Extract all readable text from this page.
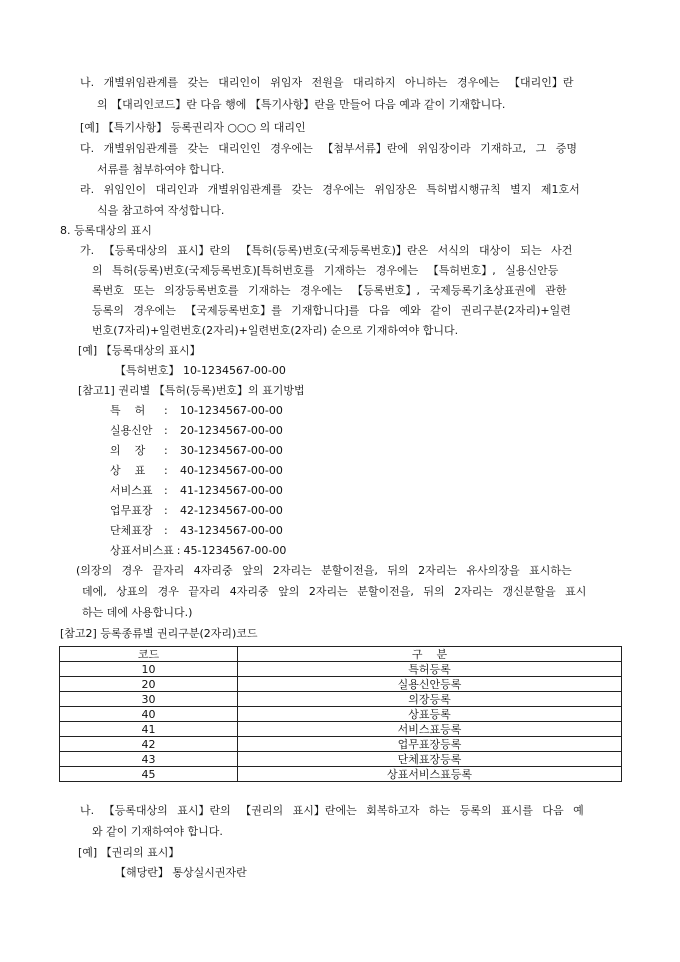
나. 개별위임관계를 갖는 대리인이 위임자 전원을 대리하지 아니하는 경우에는 【대리인】란
의 【대리인코드】란 다음 행에 【특기사항】란을 만들어 다음 예과 같이 기재합니다.
[예] 【특기사항】 등록권리자 ○○○ 의 대리인
다. 개별위임관계를 갖는 대리인인 경우에는 【첨부서류】란에 위임장이라 기재하고, 그 증명
서류를 첨부하여야 합니다.
라. 위임인이 대리인과 개별위임관계를 갖는 경우에는 위임장은 특허법시행규칙 별지 제1호서
식을 참고하여 작성합니다.
8. 등록대상의 표시
가. 【등록대상의 표시】란의 【특허(등록)번호(국제등록번호)】란은 서식의 대상이 되는 사건
의 특허(등록)번호(국제등록번호)[특허번호를 기재하는 경우에는 【특허번호】, 실용신안등
록번호 또는 의장등록번호를 기재하는 경우에는 【등록번호】, 국제등록기초상표권에 관한
등록의 경우에는 【국제등록번호】를 기재합니다]를 다음 예와 같이 권리구분(2자리)+일련
번호(7자리)+일련번호(2자리)+일련번호(2자리) 순으로 기재하여야 합니다.
[예] 【등록대상의 표시】
【특허번호】 10-1234567-00-00
[참고1] 권리별 【특허(등록)번호】의 표기방법
특    허 : 10-1234567-00-00
실용신안 : 20-1234567-00-00
의    장 : 30-1234567-00-00
상    표 : 40-1234567-00-00
서비스표 : 41-1234567-00-00
업무표장 : 42-1234567-00-00
단체표장 : 43-1234567-00-00
상표서비스표 : 45-1234567-00-00
(의장의 경우 끝자리 4자리중 앞의 2자리는 분할이전을, 뒤의 2자리는 유사의장을 표시하는
데에, 상표의 경우 끝자리 4자리중 앞의 2자리는 분할이전을, 뒤의 2자리는 갱신분할을 표시
하는 데에 사용합니다.)
[참고2] 등록종류별 권리구분(2자리)코드
코드	구    분
10	특허등록
20	실용신안등록
30	의장등록
40	상표등록
41	서비스표등록
42	업무표장등록
43	단체표장등록
45	상표서비스표등록
나. 【등록대상의 표시】란의 【권리의 표시】란에는 회복하고자 하는 등록의 표시를 다음 예
와 같이 기재하여야 합니다.
[예] 【권리의 표시】
【해당란】 통상실시권자란
